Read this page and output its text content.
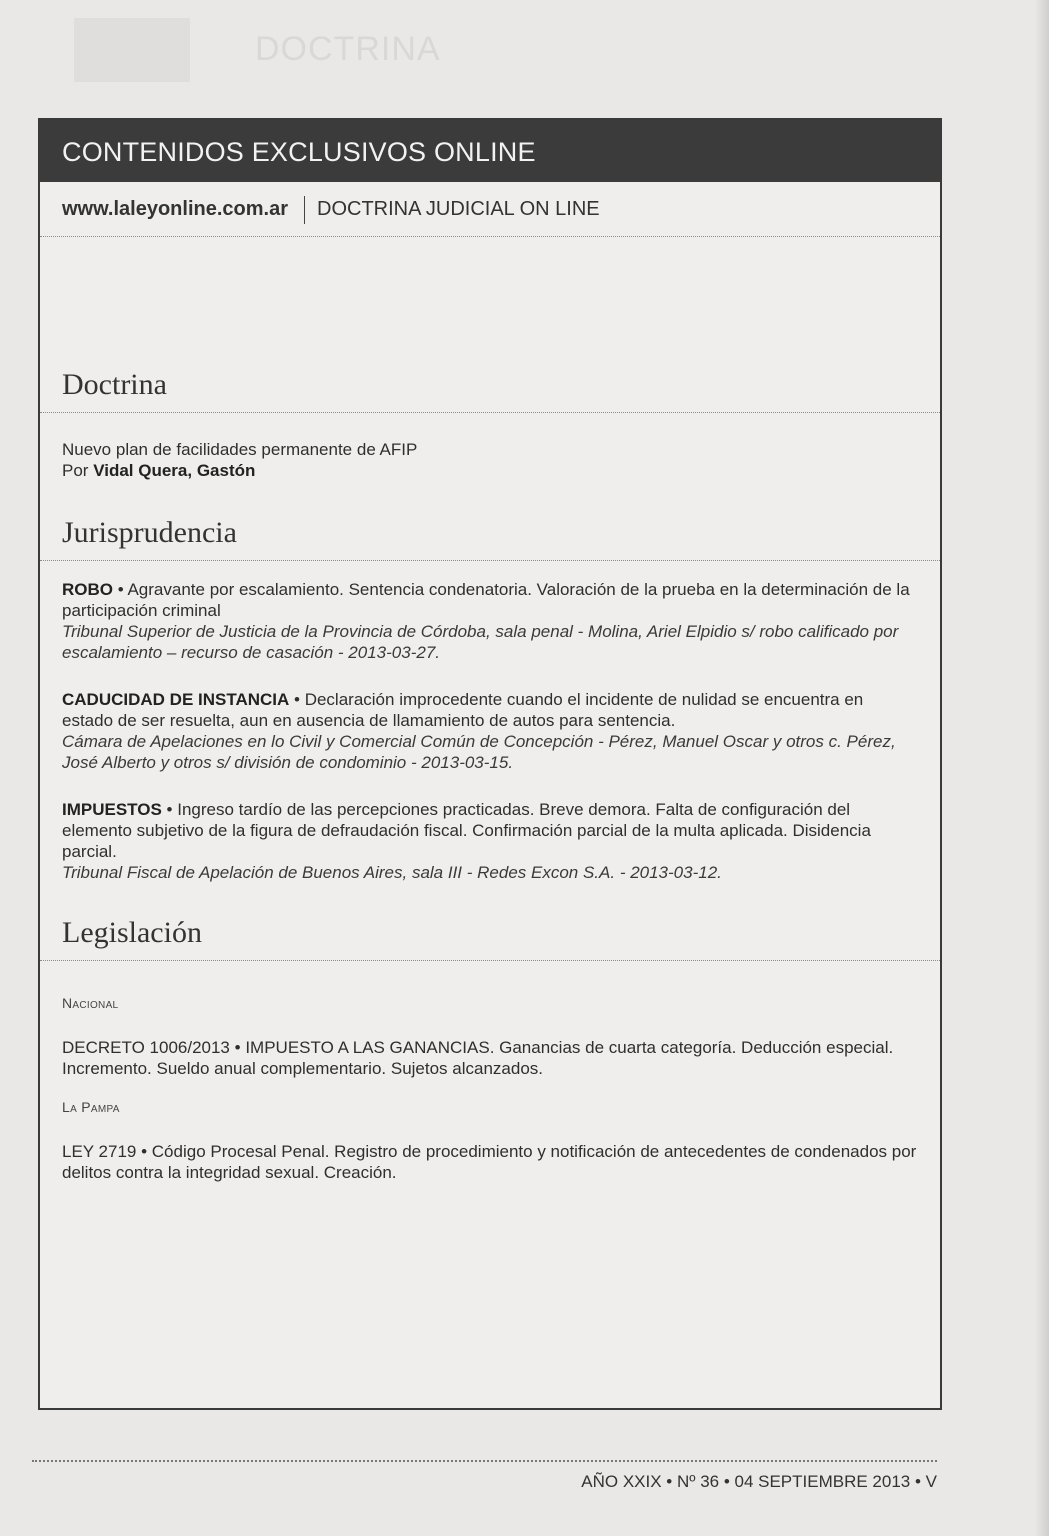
DOCTRINA
CONTENIDOS EXCLUSIVOS ONLINE
www.laleyonline.com.ar DOCTRINA JUDICIAL ON LINE
Doctrina
Nuevo plan de facilidades permanente de AFIP
Por Vidal Quera, Gastón
Jurisprudencia
ROBO • Agravante por escalamiento. Sentencia condenatoria. Valoración de la prueba en la determinación de la participación criminal
Tribunal Superior de Justicia de la Provincia de Córdoba, sala penal - Molina, Ariel Elpidio s/ robo calificado por escalamiento – recurso de casación - 2013-03-27.
CADUCIDAD DE INSTANCIA • Declaración improcedente cuando el incidente de nulidad se encuentra en estado de ser resuelta, aun en ausencia de llamamiento de autos para sentencia.
Cámara de Apelaciones en lo Civil y Comercial Común de Concepción - Pérez, Manuel Oscar y otros c. Pérez, José Alberto y otros s/ división de condominio - 2013-03-15.
IMPUESTOS • Ingreso tardío de las percepciones practicadas. Breve demora. Falta de configuración del elemento subjetivo de la figura de defraudación fiscal. Confirmación parcial de la multa aplicada. Disidencia parcial.
Tribunal Fiscal de Apelación de Buenos Aires, sala III - Redes Excon S.A. - 2013-03-12.
Legislación
Nacional
DECRETO 1006/2013 • IMPUESTO A LAS GANANCIAS. Ganancias de cuarta categoría. Deducción especial. Incremento. Sueldo anual complementario. Sujetos alcanzados.
La Pampa
LEY 2719 • Código Procesal Penal. Registro de procedimiento y notificación de antecedentes de condenados por delitos contra la integridad sexual. Creación.
AÑO XXIX • Nº 36 • 04 SEPTIEMBRE 2013 • V
